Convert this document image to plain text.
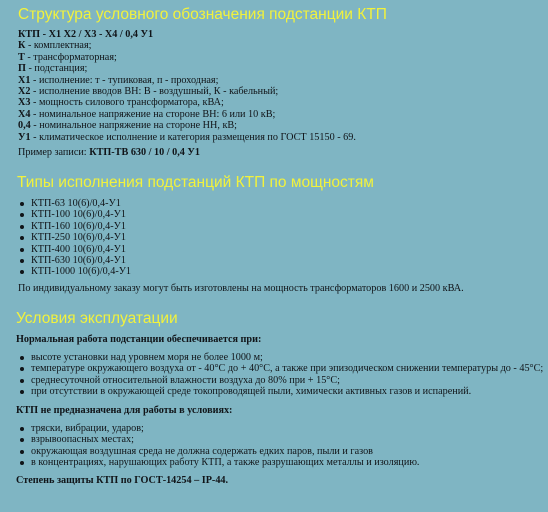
Структура условного обозначения подстанции КТП
КТП - Х1 Х2 / Х3 - Х4 / 0,4 У1
К - комплектная;
Т - трансформаторная;
П - подстанция;
Х1 - исполнение: т - тупиковая, п - проходная;
Х2 - исполнение вводов ВН: В - воздушный, К - кабельный;
Х3 - мощность силового трансформатора, кВА;
Х4 - номинальное напряжение на стороне ВН: 6 или 10 кВ;
0,4 - номинальное напряжение на стороне НН, кВ;
У1 - климатическое исполнение и категория размещения по ГОСТ 15150 - 69.
Пример записи: КТП-ТВ 630 / 10 / 0,4 У1
Типы исполнения подстанций КТП по мощностям
КТП-63 10(6)/0,4-У1
КТП-100 10(6)/0,4-У1
КТП-160 10(6)/0,4-У1
КТП-250 10(6)/0,4-У1
КТП-400 10(6)/0,4-У1
КТП-630 10(6)/0,4-У1
КТП-1000 10(6)/0,4-У1
По индивидуальному заказу могут быть изготовлены на мощность трансформаторов 1600 и 2500 кВА.
Условия эксплуатации
Нормальная работа подстанции обеспечивается при:
высоте установки над уровнем моря не более 1000 м;
температуре окружающего воздуха от - 40°С до + 40°С, а также при эпизодическом снижении температуры до - 45°С;
среднесуточной относительной влажности воздуха до 80% при + 15°С;
при отсутствии в окружающей среде токопроводящей пыли, химически активных газов и испарений.
КТП не предназначена для работы в условиях:
тряски, вибрации, ударов;
взрывоопасных местах;
окружающая воздушная среда не должна содержать едких паров, пыли и газов
в концентрациях, нарушающих работу КТП, а также разрушающих металлы и изоляцию.
Степень защиты КТП по ГОСТ-14254 – IP-44.
